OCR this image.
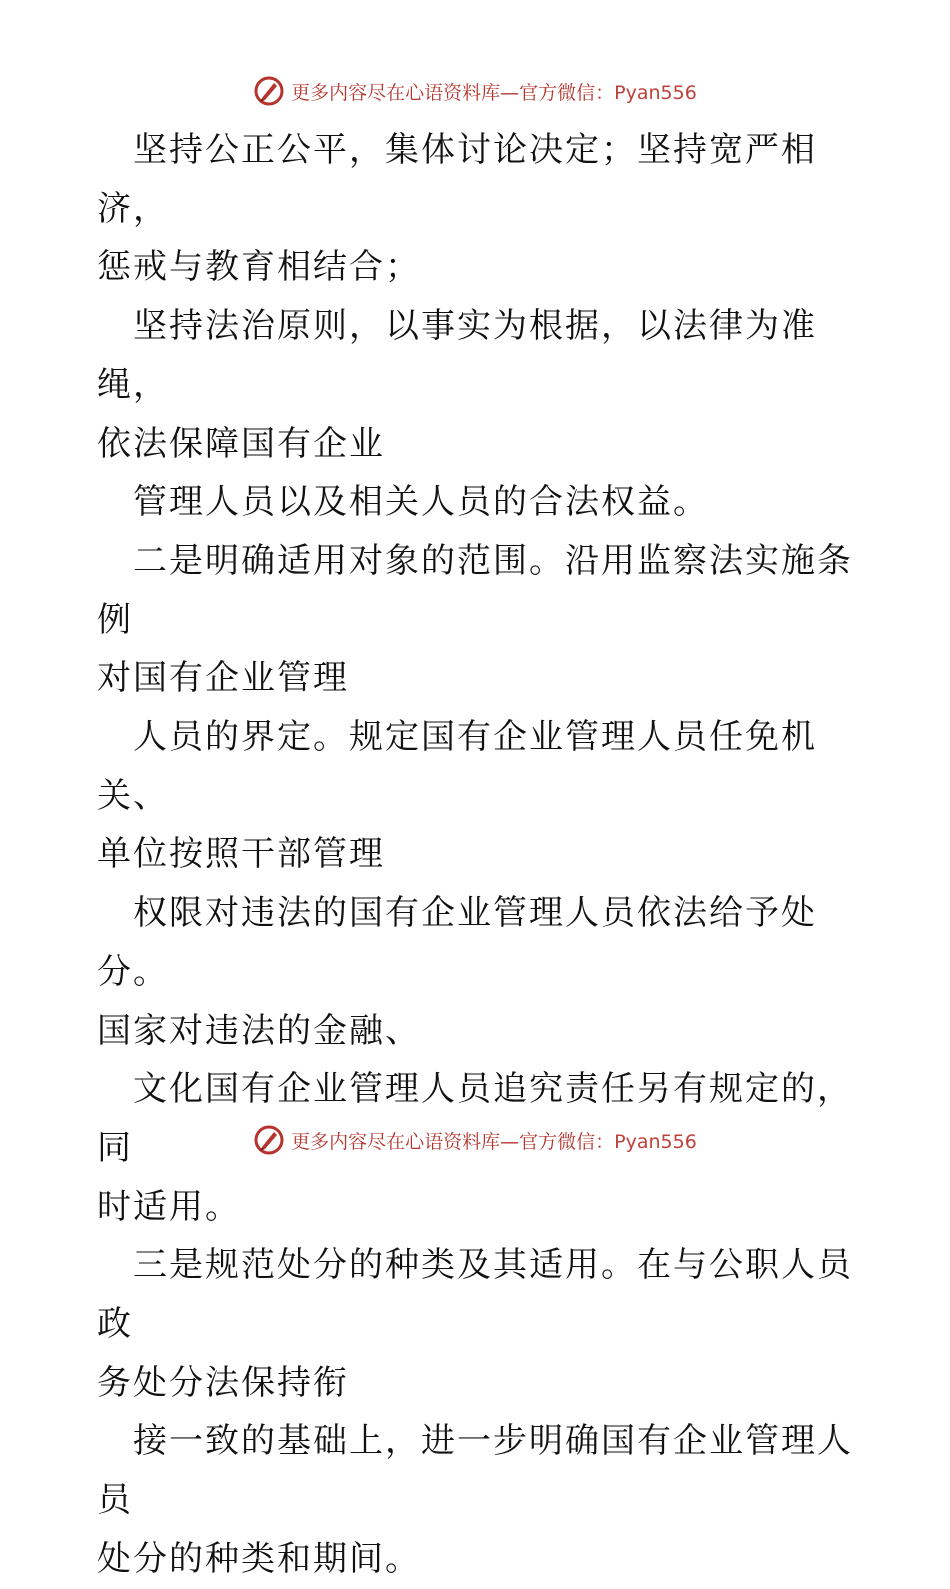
更多内容尽在心语资料库—官方微信：Pyan556

　坚持公正公平，集体讨论决定；坚持宽严相济，

惩戒与教育相结合；

　坚持法治原则，以事实为根据，以法律为准绳，

依法保障国有企业

　管理人员以及相关人员的合法权益。

　二是明确适用对象的范围。沿用监察法实施条例

对国有企业管理

　人员的界定。规定国有企业管理人员任免机关、

单位按照干部管理

　权限对违法的国有企业管理人员依法给予处分。

国家对违法的金融、

　文化国有企业管理人员追究责任另有规定的，同

时适用。

　三是规范处分的种类及其适用。在与公职人员政

务处分法保持衔

　接一致的基础上，进一步明确国有企业管理人员

处分的种类和期间。

更多内容尽在心语资料库—官方微信：Pyan556
